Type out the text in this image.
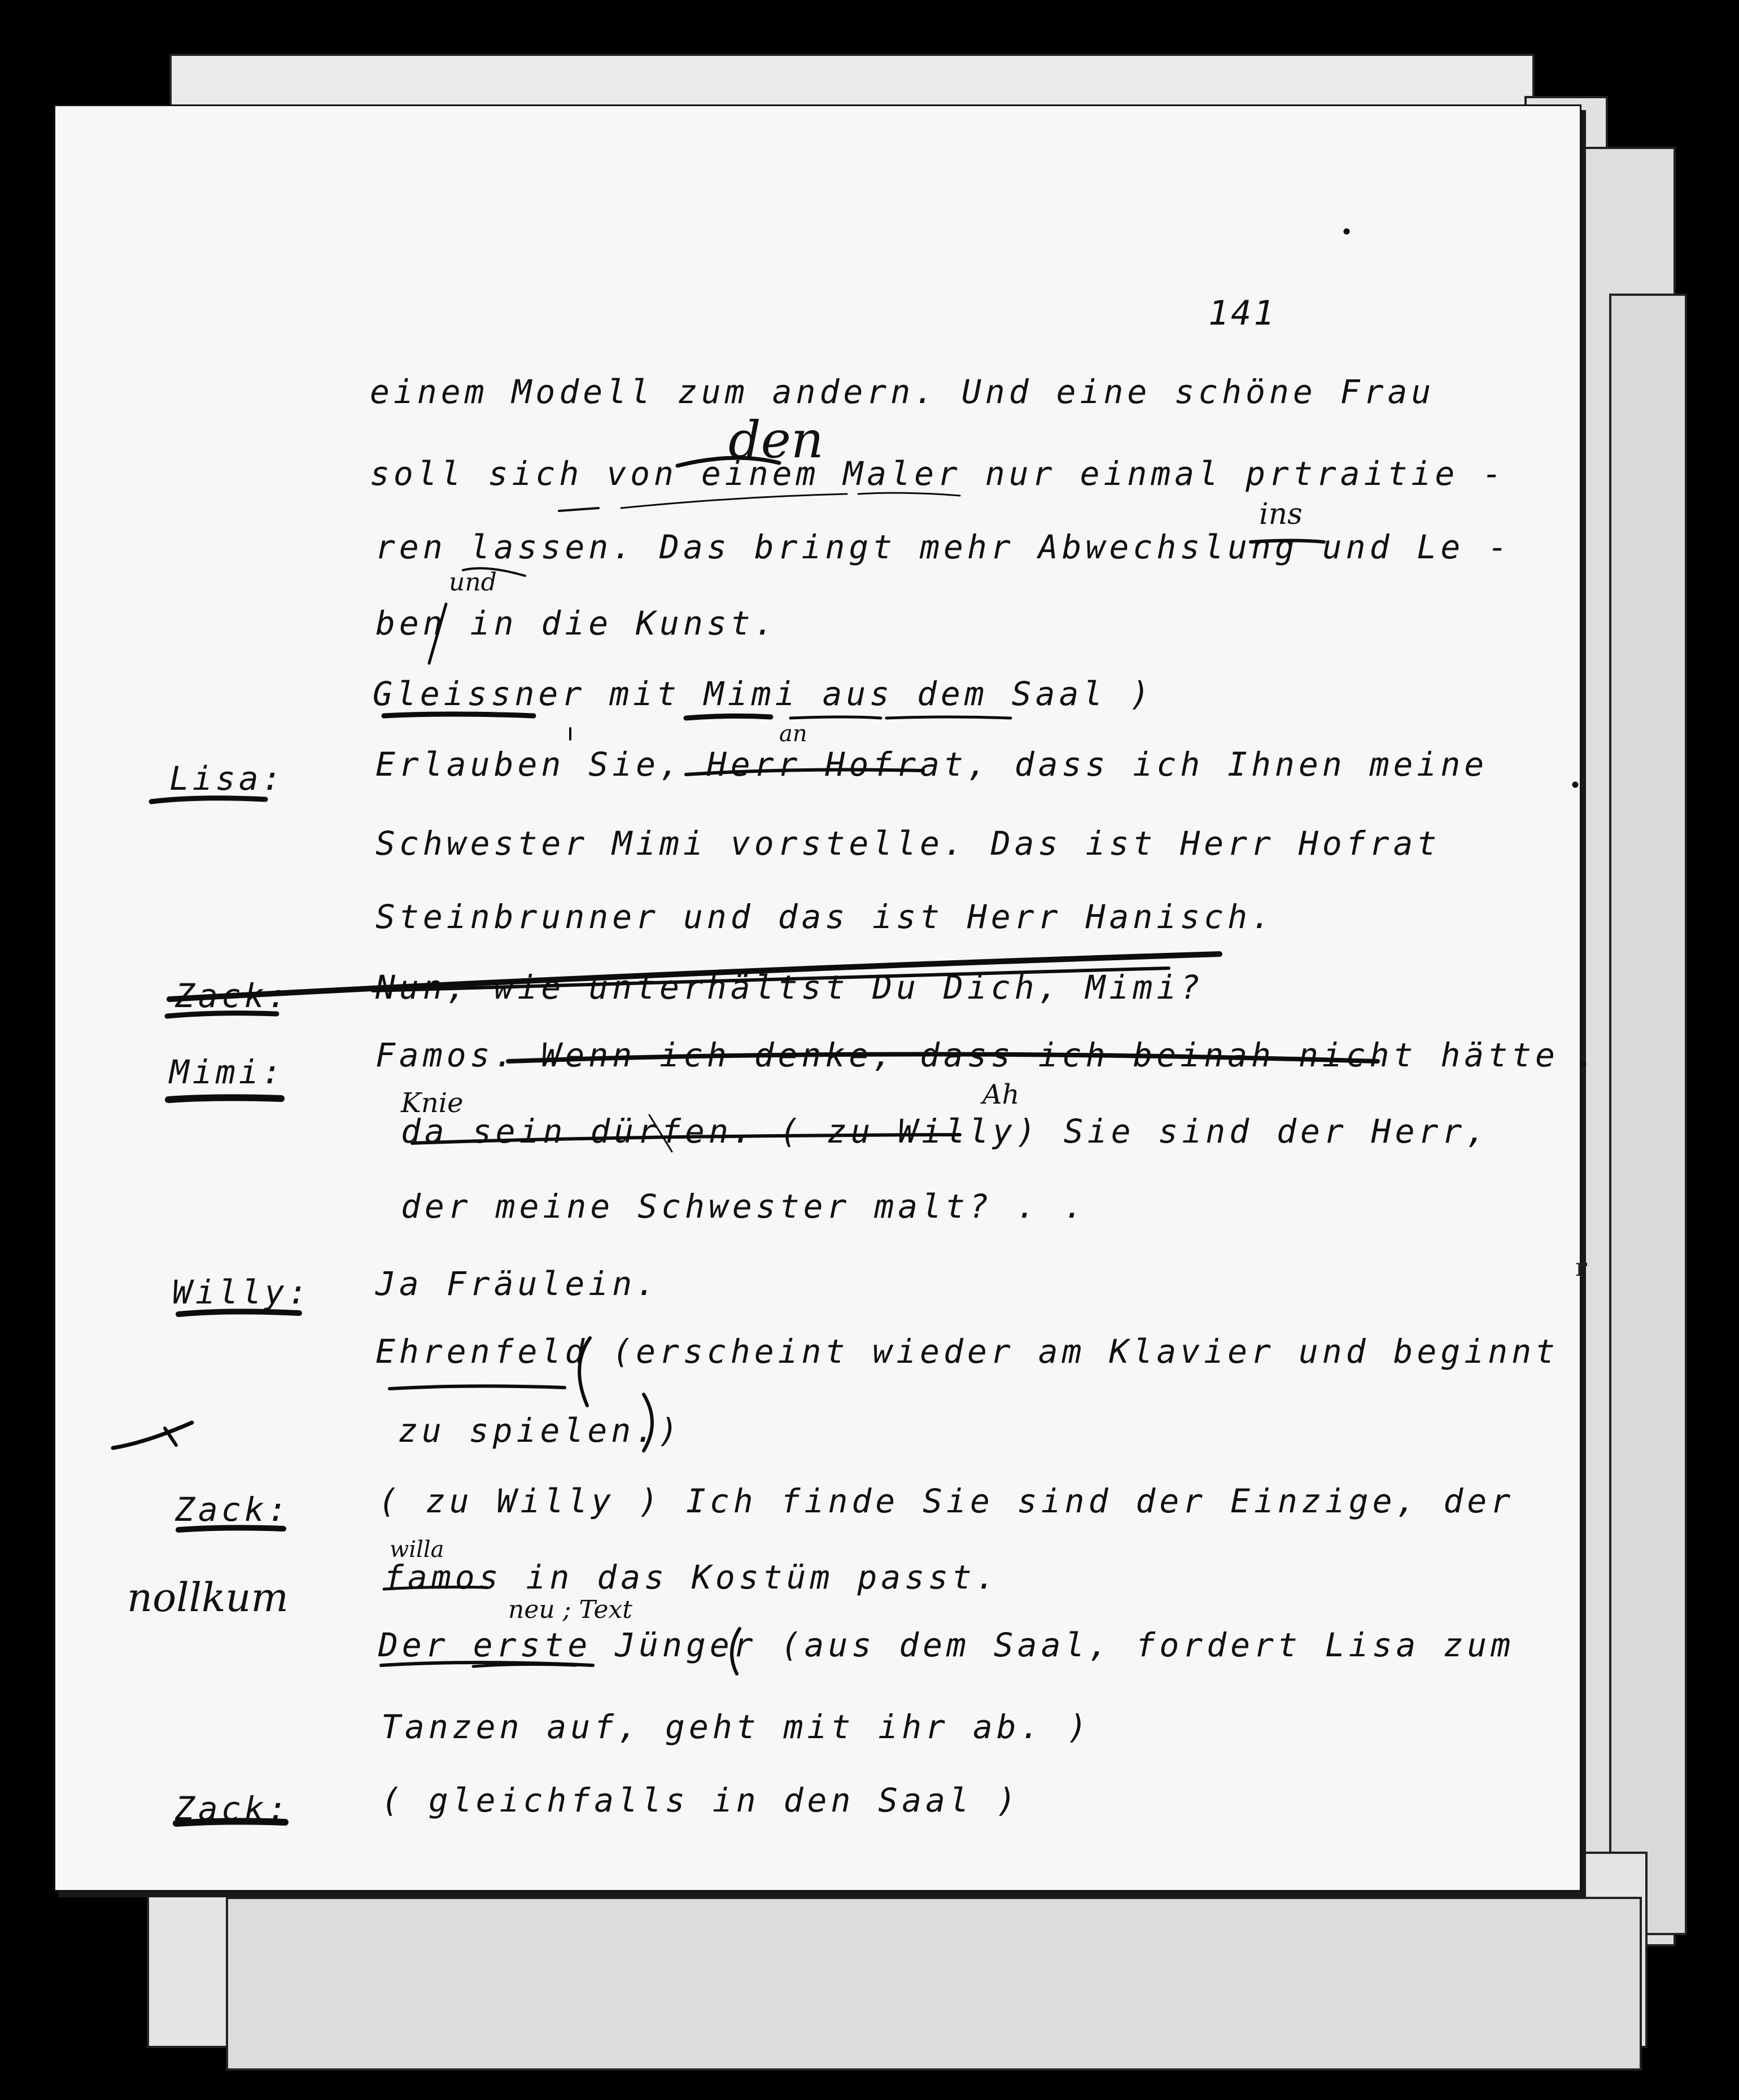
141
einem Modell zum andern. Und eine schöne Frau
soll sich von einem Maler nur einmal prtraitie -
ren lassen. Das bringt mehr Abwechslung und Le -
ben in die Kunst.
Gleissner mit Mimi aus dem Saal )
Lisa:	Erlauben Sie, Herr Hofrat, dass ich Ihnen meine
Schwester Mimi vorstelle. Das ist Herr Hofrat
Steinbrunner und das ist Herr Hanisch.
Zack:	Nun, wie unterhältst Du Dich, Mimi?
Mimi:	Famos. Wenn ich denke, dass ich beinah nicht hätte
da sein dürfen. ( zu Willy) Sie sind der Herr,
der meine Schwester malt? . .
Willy: Ja Fräulein.
Ehrenfeld (erscheint wieder am Klavier und beginnt
zu spielen.)
Zack:	( zu Willy ) Ich finde Sie sind der Einzige, der
famos in das Kostüm passt.
Der erste Jünger (aus dem Saal, fordert Lisa zum
Tanzen auf, geht mit ihr ab. )
Zack:	( gleichfalls in den Saal )
den
ins
und
an
Knie	Ah
willa
nollkum	neu ; Text
r
